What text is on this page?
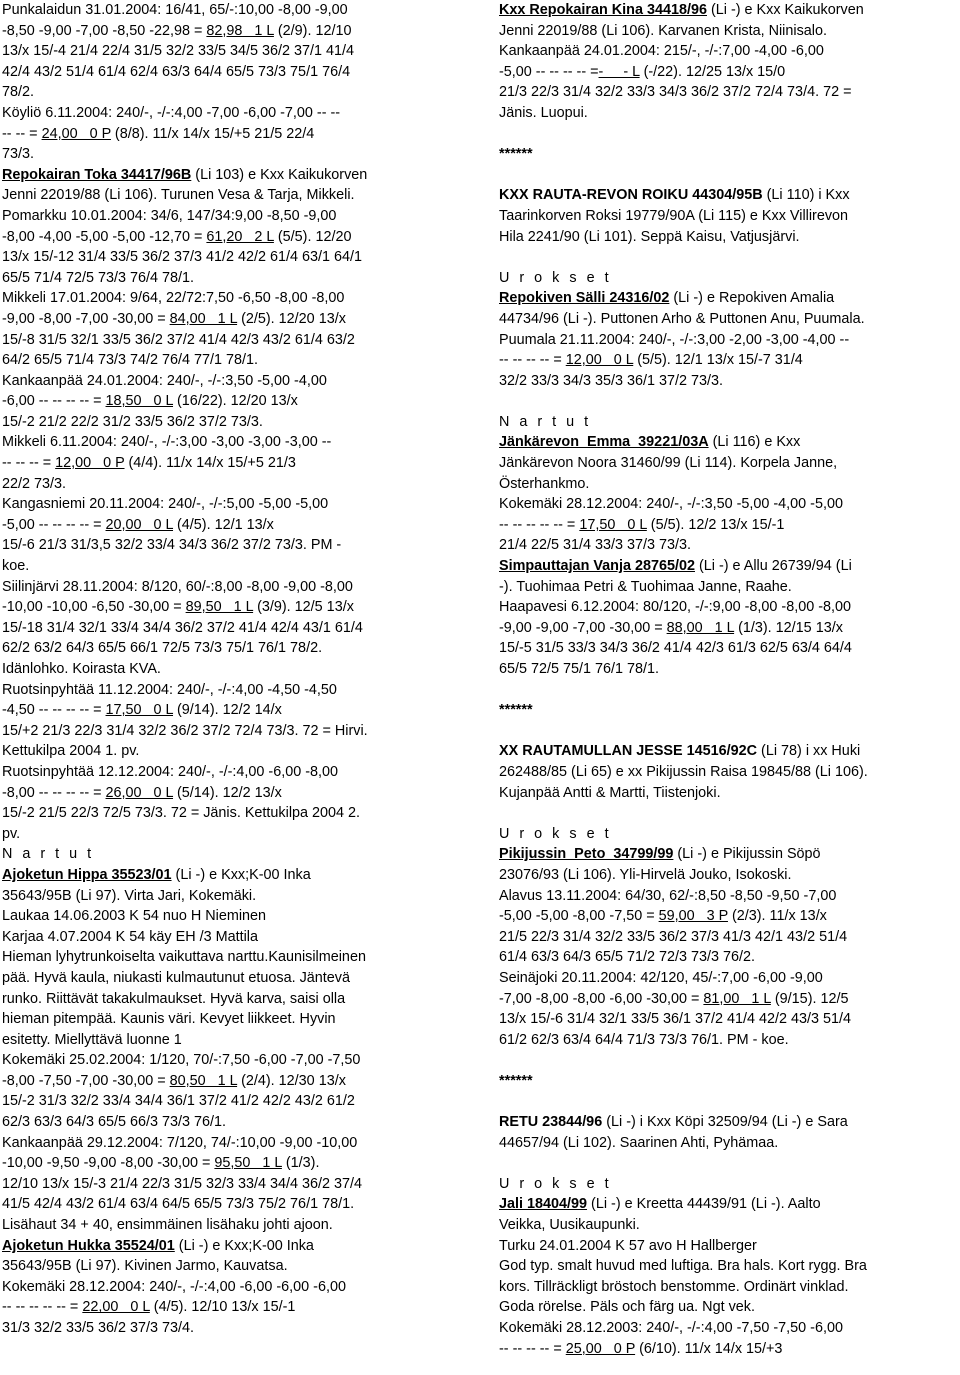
Punkalaidun 31.01.2004: 16/41, 65/-:10,00 -8,00 -9,00
-8,50 -9,00 -7,00 -8,50 -22,98 = 82,98   1 L (2/9). 12/10
13/x 15/-4 21/4 22/4 31/5 32/2 33/5 34/5 36/2 37/1 41/4
42/4 43/2 51/4 61/4 62/4 63/3 64/4 65/5 73/3 75/1 76/4
78/2.
Köyliö 6.11.2004: 240/-, -/-:4,00 -7,00 -6,00 -7,00 -- --
-- -- = 24,00   0 P (8/8). 11/x 14/x 15/+5 21/5 22/4
73/3.
Repokairan Toka 34417/96B (Li 103) e Kxx Kaikukorven
Jenni 22019/88 (Li 106). Turunen Vesa & Tarja, Mikkeli.
Pomarkku 10.01.2004: 34/6, 147/34:9,00 -8,50 -9,00
-8,00 -4,00 -5,00 -5,00 -12,70 = 61,20   2 L (5/5). 12/20
13/x 15/-12 31/4 33/5 36/2 37/3 41/2 42/2 61/4 63/1 64/1
65/5 71/4 72/5 73/3 76/4 78/1.
Mikkeli 17.01.2004: 9/64, 22/72:7,50 -6,50 -8,00 -8,00
-9,00 -8,00 -7,00 -30,00 = 84,00   1 L (2/5). 12/20 13/x
15/-8 31/5 32/1 33/5 36/2 37/2 41/4 42/3 43/2 61/4 63/2
64/2 65/5 71/4 73/3 74/2 76/4 77/1 78/1.
Kankaanpää 24.01.2004: 240/-, -/-:3,50 -5,00 -4,00
-6,00 -- -- -- -- = 18,50   0 L (16/22). 12/20 13/x
15/-2 21/2 22/2 31/2 33/5 36/2 37/2 73/3.
Mikkeli 6.11.2004: 240/-, -/-:3,00 -3,00 -3,00 -3,00 --
-- -- -- = 12,00   0 P (4/4). 11/x 14/x 15/+5 21/3
22/2 73/3.
Kangasniemi 20.11.2004: 240/-, -/-:5,00 -5,00 -5,00
-5,00 -- -- -- -- = 20,00   0 L (4/5). 12/1 13/x
15/-6 21/3 31/3,5 32/2 33/4 34/3 36/2 37/2 73/3. PM -
koe.
Siilinjärvi 28.11.2004: 8/120, 60/-:8,00 -8,00 -9,00 -8,00
-10,00 -10,00 -6,50 -30,00 = 89,50   1 L (3/9). 12/5 13/x
15/-18 31/4 32/1 33/4 34/4 36/2 37/2 41/4 42/4 43/1 61/4
62/2 63/2 64/3 65/5 66/1 72/5 73/3 75/1 76/1 78/2.
Idänlohko. Koirasta KVA.
Ruotsinpyhtää 11.12.2004: 240/-, -/-:4,00 -4,50 -4,50
-4,50 -- -- -- -- = 17,50   0 L (9/14). 12/2 14/x
15/+2 21/3 22/3 31/4 32/2 36/2 37/2 72/4 73/3. 72 = Hirvi.
Kettukilpa 2004 1. pv.
Ruotsinpyhtää 12.12.2004: 240/-, -/-:4,00 -6,00 -8,00
-8,00 -- -- -- -- = 26,00   0 L (5/14). 12/2 13/x
15/-2 21/5 22/3 72/5 73/3. 72 = Jänis. Kettukilpa 2004 2.
pv.
N a r t u t
Ajoketun Hippa 35523/01 (Li -) e Kxx;K-00 Inka
35643/95B (Li 97). Virta Jari, Kokemäki.
Laukaa 14.06.2003 K 54 nuo H Nieminen
Karjaa 4.07.2004 K 54 käy EH /3 Mattila
Hieman lyhytrunkoiselta vaikuttava narttu.Kaunisilmeinen
pää. Hyvä kaula, niukasti kulmautunut etuosa. Jäntevä
runko. Riittävät takakulmaukset. Hyvä karva, saisi olla
hieman pitempää. Kaunis väri. Kevyet liikkeet. Hyvin
esitetty. Miellyttävä luonne 1
Kokemäki 25.02.2004: 1/120, 70/-:7,50 -6,00 -7,00 -7,50
-8,00 -7,50 -7,00 -30,00 = 80,50   1 L (2/4). 12/30 13/x
15/-2 31/3 32/2 33/4 34/4 36/1 37/2 41/2 42/2 43/2 61/2
62/3 63/3 64/3 65/5 66/3 73/3 76/1.
Kankaanpää 29.12.2004: 7/120, 74/-:10,00 -9,00 -10,00
-10,00 -9,50 -9,00 -8,00 -30,00 = 95,50   1 L (1/3).
12/10 13/x 15/-3 21/4 22/3 31/5 32/3 33/4 34/4 36/2 37/4
41/5 42/4 43/2 61/4 63/4 64/5 65/5 73/3 75/2 76/1 78/1.
Lisähaut 34 + 40, ensimmäinen lisähaku johti ajoon.
Ajoketun Hukka 35524/01 (Li -) e Kxx;K-00 Inka
35643/95B (Li 97). Kivinen Jarmo, Kauvatsa.
Kokemäki 28.12.2004: 240/-, -/-:4,00 -6,00 -6,00 -6,00
-- -- -- -- -- = 22,00   0 L (4/5). 12/10 13/x 15/-1
31/3 32/2 33/5 36/2 37/3 73/4.
Kxx Repokairan Kina 34418/96 (Li -) e Kxx Kaikukorven
Jenni 22019/88 (Li 106). Karvanen Krista, Niinisalo.
Kankaanpää 24.01.2004: 215/-, -/-:7,00 -4,00 -6,00
-5,00 -- -- -- -- =-     - L (-/22). 12/25 13/x 15/0
21/3 22/3 31/4 32/2 33/3 34/3 36/2 37/2 72/4 73/4. 72 =
Jänis. Luopui.
******
KXX RAUTA-REVON ROIKU 44304/95B (Li 110) i Kxx
Taarinkorven Roksi 19779/90A (Li 115) e Kxx Villirevon
Hila 2241/90 (Li 101). Seppä Kaisu, Vatjusjärvi.
U r o k s e t
Repokiven Sälli 24316/02 (Li -) e Repokiven Amalia
44734/96 (Li -). Puttonen Arho & Puttonen Anu, Puumala.
Puumala 21.11.2004: 240/-, -/-:3,00 -2,00 -3,00 -4,00 --
-- -- -- -- = 12,00   0 L (5/5). 12/1 13/x 15/-7 31/4
32/2 33/3 34/3 35/3 36/1 37/2 73/3.
N a r t u t
Jänkärevon  Emma  39221/03A (Li 116) e Kxx
Jänkärevon Noora 31460/99 (Li 114). Korpela Janne,
Österhankmo.
Kokemäki 28.12.2004: 240/-, -/-:3,50 -5,00 -4,00 -5,00
-- -- -- -- -- = 17,50   0 L (5/5). 12/2 13/x 15/-1
21/4 22/5 31/4 33/3 37/3 73/3.
Simpauttajan Vanja 28765/02 (Li -) e Allu 26739/94 (Li
-). Tuohimaa Petri & Tuohimaa Janne, Raahe.
Haapavesi 6.12.2004: 80/120, -/-:9,00 -8,00 -8,00 -8,00
-9,00 -9,00 -7,00 -30,00 = 88,00   1 L (1/3). 12/15 13/x
15/-5 31/5 33/3 34/3 36/2 41/4 42/3 61/3 62/5 63/4 64/4
65/5 72/5 75/1 76/1 78/1.
******
XX RAUTAMULLAN JESSE 14516/92C (Li 78) i xx Huki
262488/85 (Li 65) e xx Pikijussin Raisa 19845/88 (Li 106).
Kujanpää Antti & Martti, Tiistenjoki.
U r o k s e t
Pikijussin  Peto  34799/99 (Li -) e Pikijussin Söpö
23076/93 (Li 106). Yli-Hirvelä Jouko, Isokoski.
Alavus 13.11.2004: 64/30, 62/-:8,50 -8,50 -9,50 -7,00
-5,00 -5,00 -8,00 -7,50 = 59,00   3 P (2/3). 11/x 13/x
21/5 22/3 31/4 32/2 33/5 36/2 37/3 41/3 42/1 43/2 51/4
61/4 63/3 64/3 65/5 71/2 72/3 73/3 76/2.
Seinäjoki 20.11.2004: 42/120, 45/-:7,00 -6,00 -9,00
-7,00 -8,00 -8,00 -6,00 -30,00 = 81,00   1 L (9/15). 12/5
13/x 15/-6 31/4 32/1 33/5 36/1 37/2 41/4 42/2 43/3 51/4
61/2 62/3 63/4 64/4 71/3 73/3 76/1. PM - koe.
******
RETU 23844/96 (Li -) i Kxx Köpi 32509/94 (Li -) e Sara
44657/94 (Li 102). Saarinen Ahti, Pyhämaa.
U r o k s e t
Jali 18404/99 (Li -) e Kreetta 44439/91 (Li -). Aalto
Veikka, Uusikaupunki.
Turku 24.01.2004 K 57 avo H Hallberger
God typ. smalt huvud med luftiga. Bra hals. Kort rygg. Bra
kors. Tillräckligt bröstoch benstomme. Ordinärt vinklad.
Goda rörelse. Päls och färg ua. Ngt vek.
Kokemäki 28.12.2003: 240/-, -/-:4,00 -7,50 -7,50 -6,00
-- -- -- -- = 25,00   0 P (6/10). 11/x 14/x 15/+3
